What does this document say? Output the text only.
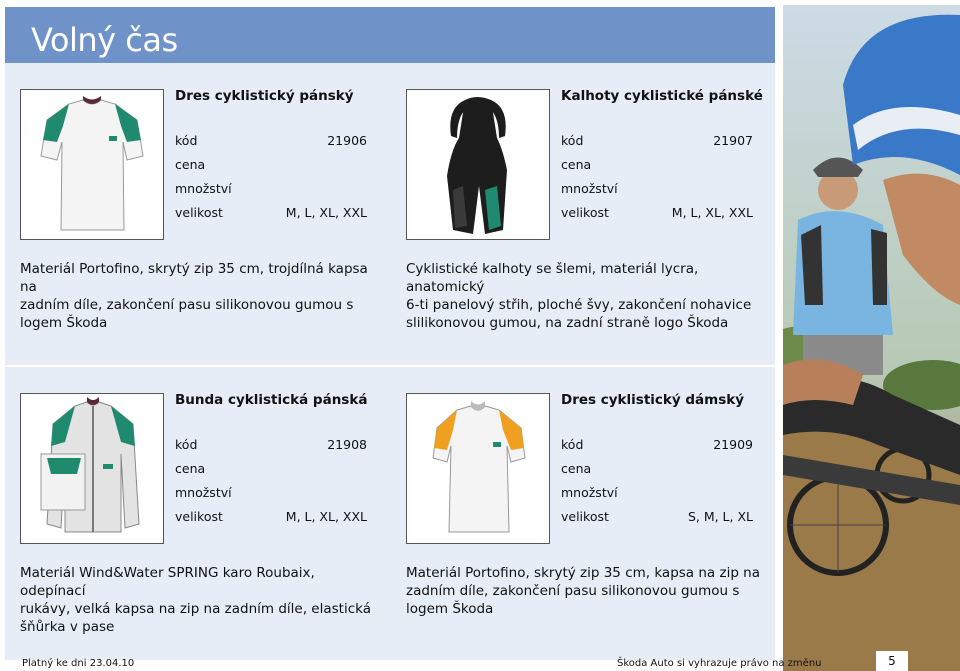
Volný čas
Dres cyklistický pánský
kód	21906
cena
množství
velikost	M, L, XL, XXL
Materiál Portofino, skrytý zip 35 cm, trojdílná kapsa na
zadním díle, zakončení pasu silikonovou gumou s
logem Škoda
Kalhoty cyklistické pánské
kód	21907
cena
množství
velikost	M, L, XL, XXL
Cyklistické kalhoty se šlemi, materiál lycra, anatomický
6-ti panelový střih, ploché švy, zakončení nohavice
slilikonovou gumou, na zadní straně logo Škoda
Bunda cyklistická pánská
kód	21908
cena
množství
velikost	M, L, XL, XXL
Materiál Wind&Water SPRING karo Roubaix, odepínací
rukávy, velká kapsa na zip na zadním díle, elastická
šňůrka v pase
Dres cyklistický dámský
kód	21909
cena
množství
velikost	S, M, L, XL
Materiál Portofino, skrytý zip 35 cm, kapsa na zip na
zadním díle, zakončení pasu silikonovou gumou s
logem Škoda
Platný ke dni 23.04.10	Škoda Auto si vyhrazuje právo na změnu	5
